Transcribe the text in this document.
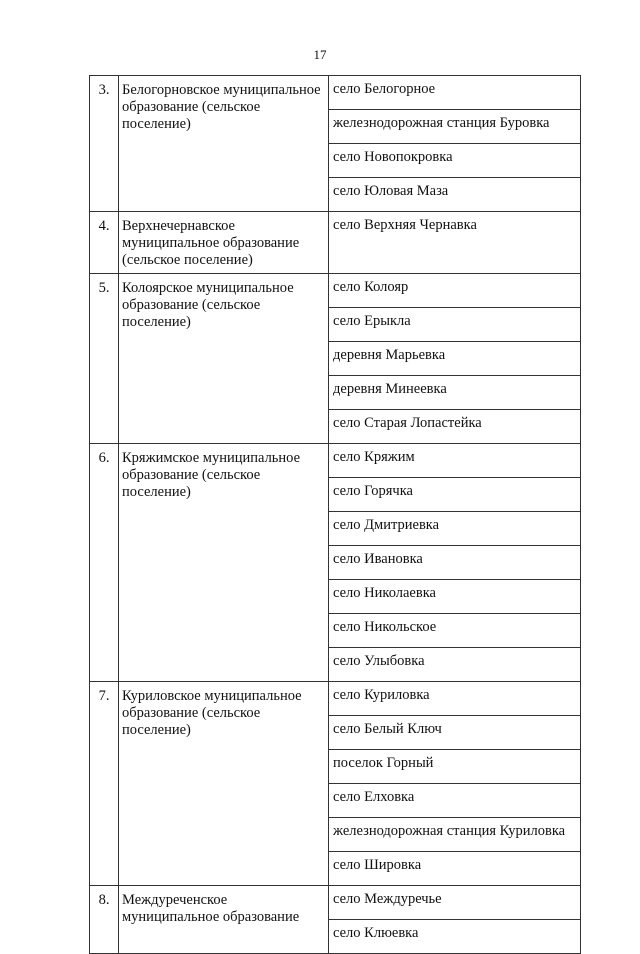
17
3.	Белогорновское муниципальное образование (сельское поселение)	село Белогорное
		железнодорожная станция Буровка
		село Новопокровка
		село Юловая Маза
4.	Верхнечернавское муниципальное образование (сельское поселение)	село Верхняя Чернавка
5.	Колоярское муниципальное образование (сельское поселение)	село Колояр
		село Ерыкла
		деревня Марьевка
		деревня Минеевка
		село Старая Лопастейка
6.	Кряжимское муниципальное образование (сельское поселение)	село Кряжим
		село Горячка
		село Дмитриевка
		село Ивановка
		село Николаевка
		село Никольское
		село Улыбовка
7.	Куриловское муниципальное образование (сельское поселение)	село Куриловка
		село Белый Ключ
		поселок Горный
		село Елховка
		железнодорожная станция Куриловка
		село Шировка
8.	Междуреченское муниципальное образование	село Междуречье
		село Клюевка
